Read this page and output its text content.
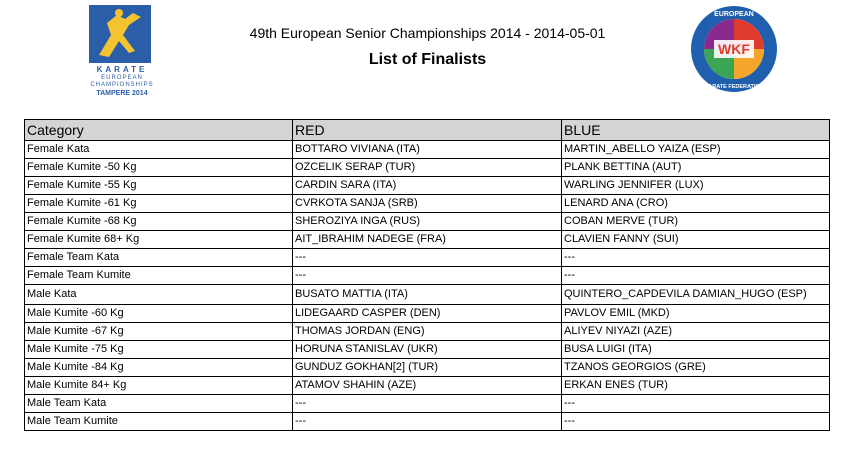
KARATE
EUROPEAN
CHAMPIONSHIPS
TAMPERE 2014
49th European Senior Championships 2014 - 2014-05-01
List of Finalists
WKF
EUROPEAN
KARATE FEDERATION
Category	RED	BLUE
Female Kata	BOTTARO VIVIANA (ITA)	MARTIN_ABELLO YAIZA (ESP)
Female Kumite -50 Kg	OZCELIK SERAP (TUR)	PLANK BETTINA (AUT)
Female Kumite -55 Kg	CARDIN SARA (ITA)	WARLING JENNIFER (LUX)
Female Kumite -61 Kg	CVRKOTA SANJA (SRB)	LENARD ANA (CRO)
Female Kumite -68 Kg	SHEROZIYA INGA (RUS)	COBAN MERVE (TUR)
Female Kumite 68+ Kg	AIT_IBRAHIM NADEGE (FRA)	CLAVIEN FANNY (SUI)
Female Team Kata	---	---
Female Team Kumite	---	---
Male Kata	BUSATO MATTIA (ITA)	QUINTERO_CAPDEVILA DAMIAN_HUGO (ESP)
Male Kumite -60 Kg	LIDEGAARD CASPER (DEN)	PAVLOV EMIL (MKD)
Male Kumite -67 Kg	THOMAS JORDAN (ENG)	ALIYEV NIYAZI (AZE)
Male Kumite -75 Kg	HORUNA STANISLAV (UKR)	BUSA LUIGI (ITA)
Male Kumite -84 Kg	GUNDUZ GOKHAN[2] (TUR)	TZANOS GEORGIOS (GRE)
Male Kumite 84+ Kg	ATAMOV SHAHIN (AZE)	ERKAN ENES (TUR)
Male Team Kata	---	---
Male Team Kumite	---	---
